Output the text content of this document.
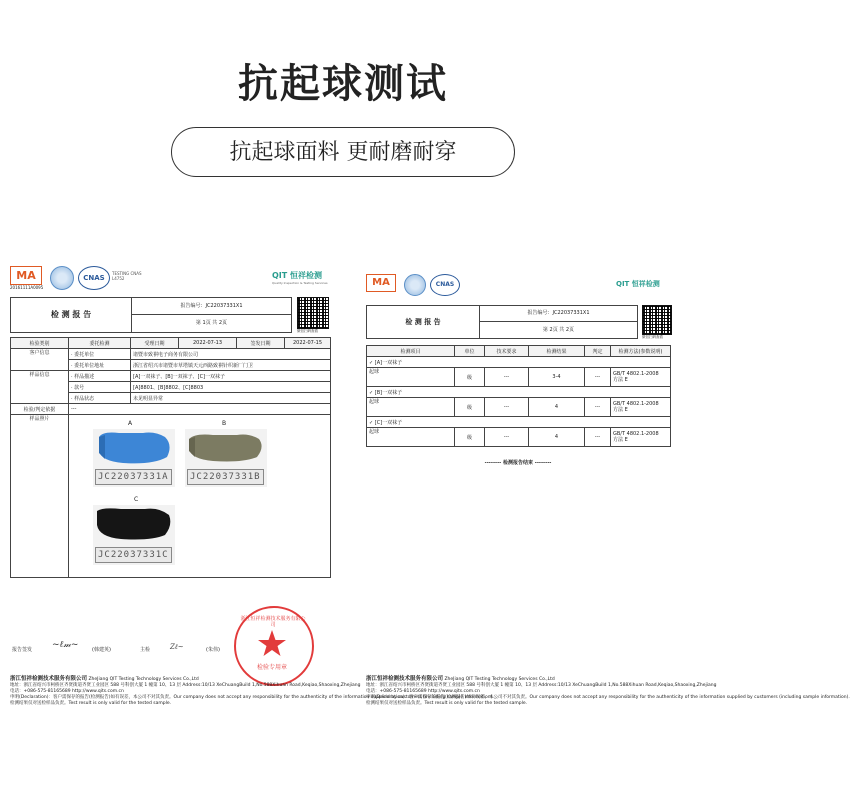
抗起球测试
抗起球面料 更耐磨耐穿
MA
20161111A0095
CNAS
TESTING CNAS L4752	QIT 恒祥检测
Quality Inspection & Testing Services
检 测 报 告
报告编号：JC22037331X1
第 1页 共 2页
微信扫码查看
检验类别	委托检测	受理日期	2022-07-13	签发日期	2022-07-15
客户信息	· 委托单位	诸暨市致祺电子商务有限公司			
	· 委托单位地址	浙江省绍兴市诸暨市草塔镇天元西路致祺针织新厂门卫			
样品信息	· 样品描述	[A]一双袜子、[B]一双袜子、[C]一双袜子			
	· 款号	[A]8801、[B]8802、[C]8803			
	· 样品状态	未见明显异常			
检验/判定依据	---				
样品照片					
A
JC22037331A
B
JC22037331B
C
JC22037331C
报告签发 ~ℓ𝓂~	(韩建英)	主检	Zℓ~	(朱伟)
浙江恒祥检测技术服务有限公司
检验专用章
浙江恒祥检测技术服务有限公司 ZheJiang QIT Testing Technology Services Co.,Ltd
地址：浙江省绍兴市柯桥区齐贤街道齐贤工业园区 588 号科创大厦 1 幢第 10、13 层 Address:10/13 XeChuangBuild 1,No.588Xihuan Road,Keqiao,Shaoxing,Zhejiang
电话：+086-575-81165689 http://www.qits.com.cn
申明(Declaration)：客户需保存的报告(检测报告)如有误差，本公司不对其负责。Our company does not accept any responsibility for the authenticity of the information supplied by customers (including sample information).
检测结果仅对送检样品负责。Test result is only valid for the tested sample.
MA	CNAS	QIT 恒祥检测
检 测 报 告
报告编号：JC22037331X1
第 2页 共 2页
微信扫码查看
检测项目	单位	技术要求	检测结果	判定	检测方法(参数说明)
✓ [A]一双袜子					
起球	级	---	3-4	---	GB/T 4802.1-2008
方法 E
✓ [B]一双袜子					
起球	级	---	4	---	GB/T 4802.1-2008
方法 E
✓ [C]一双袜子					
起球	级	---	4	---	GB/T 4802.1-2008
方法 E
-------- 检测报告结束 --------
浙江恒祥检测技术服务有限公司 ZheJiang QIT Testing Technology Services Co.,Ltd
地址：浙江省绍兴市柯桥区齐贤街道齐贤工业园区 588 号科创大厦 1 幢第 10、13 层 Address:10/13 XeChuangBuild 1,No.588Xihuan Road,Keqiao,Shaoxing,Zhejiang
电话：+086-575-81165689 http://www.qits.com.cn
申明(Declaration)：客户需保存的报告(检测报告)如有误差，本公司不对其负责。Our company does not accept any responsibility for the authenticity of the information supplied by customers (including sample information).
检测结果仅对送检样品负责。Test result is only valid for the tested sample.
